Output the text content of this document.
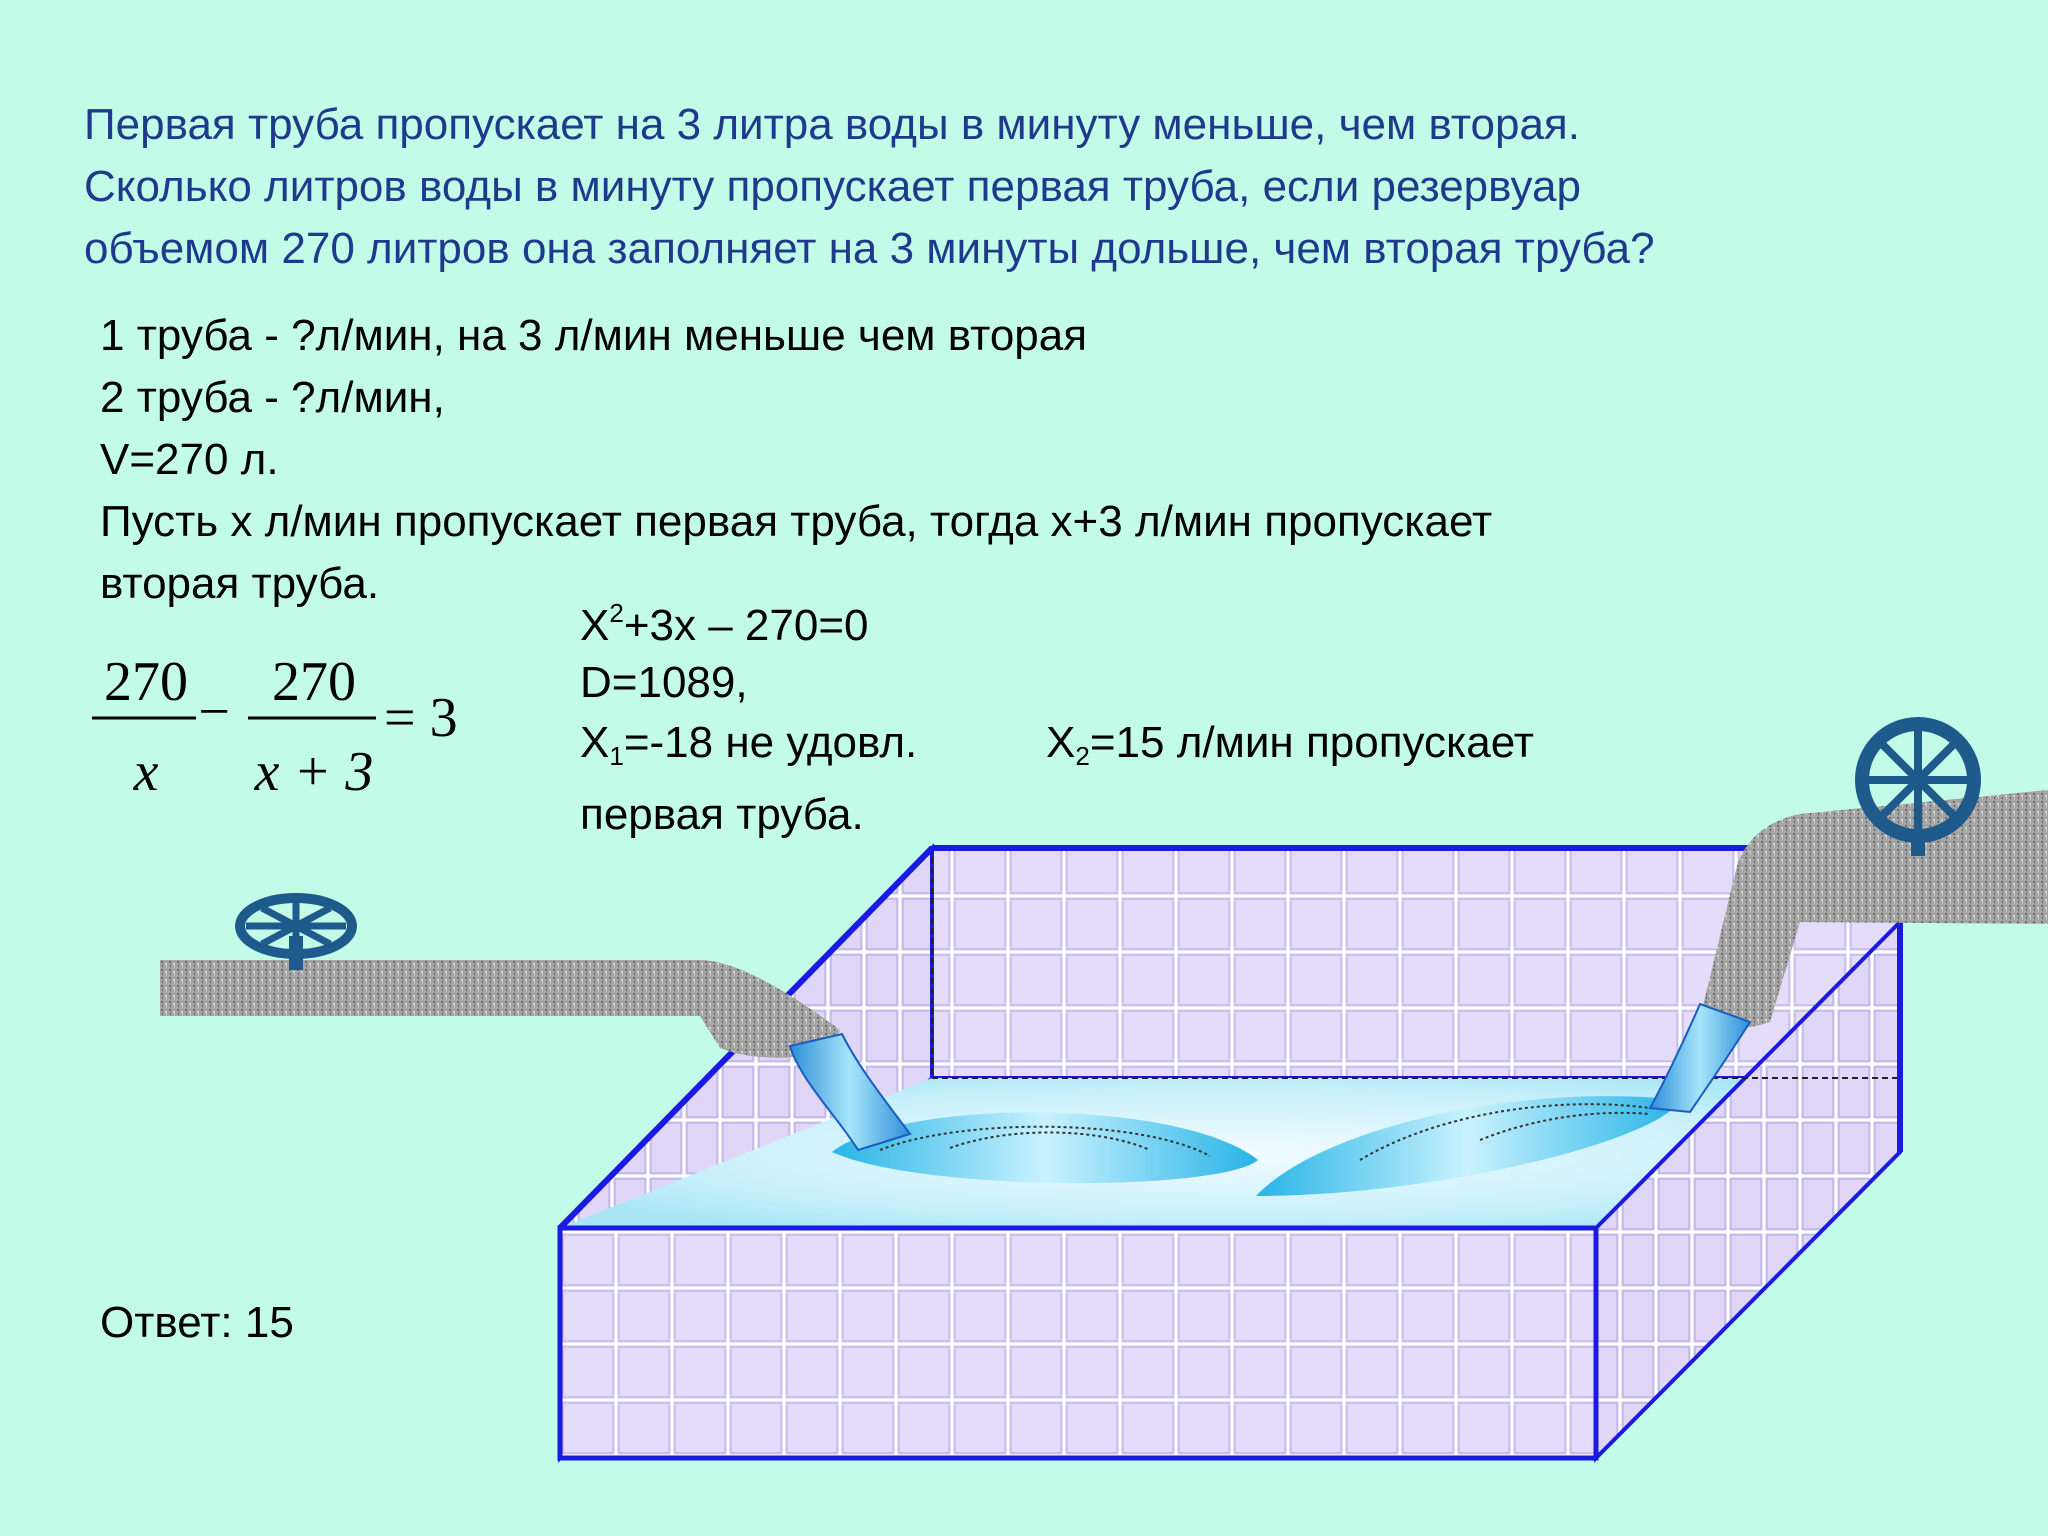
Первая труба пропускает на 3 литра воды в минуту меньше, чем вторая.
Сколько литров воды в минуту пропускает первая труба, если резервуар
объемом 270 литров она заполняет на 3 минуты дольше, чем вторая труба?
1 труба - ?л/мин, на 3 л/мин меньше чем вторая
2 труба - ?л/мин,
V=270 л.
Пусть х л/мин пропускает первая труба, тогда х+3 л/мин пропускает
вторая труба.
270
x
− 270
x + 3
= 3
$Х^2+3х - 270=0$
D=1089,
$Х_1=-18$ не удовл.	$Х_2=15$ л/мин пропускает
первая труба.
Ответ: 15
